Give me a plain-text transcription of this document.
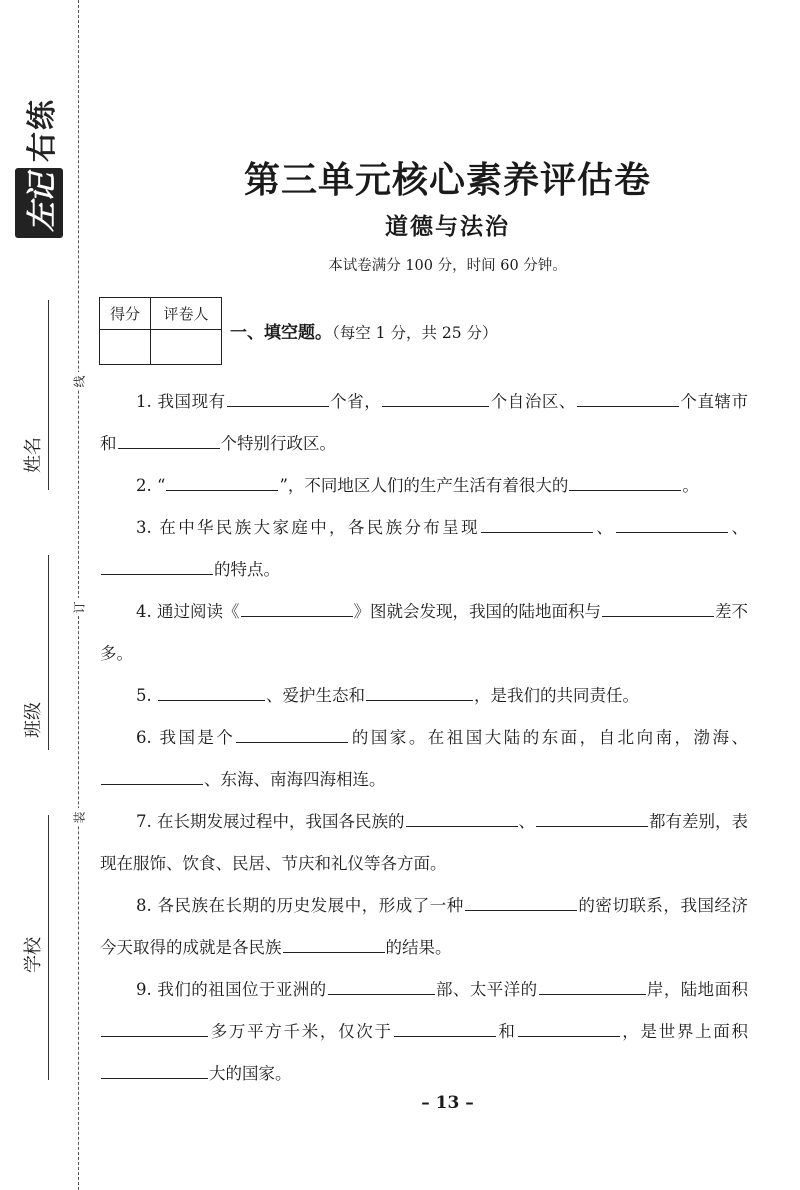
左记
右练
姓名
班级
学校
线
订
装
第三单元核心素养评估卷
道德与法治
本试卷满分 100 分，时间 60 分钟。
得分	评卷人

一、填空题。（每空 1 分，共 25 分）

1. 我国现有	个省，	个自治区、	个直辖市和	个特别行政区。

2. “	”，不同地区人们的生产生活有着很大的	。

3. 在中华民族大家庭中，各民族分布呈现	、	、的特点。

4. 通过阅读《	》图就会发现，我国的陆地面积与	差不多。

5.	、爱护生态和	，是我们的共同责任。

6. 我国是个	的国家。在祖国大陆的东面，自北向南，渤海、、东海、南海四海相连。

7. 在长期发展过程中，我国各民族的	、	都有差别，表现在服饰、饮食、民居、节庆和礼仪等各方面。

8. 各民族在长期的历史发展中，形成了一种	的密切联系，我国经济今天取得的成就是各民族	的结果。

9. 我们的祖国位于亚洲的	部、太平洋的	岸，陆地面积多万平方千米，仅次于	和	，是世界上面积大的国家。

– 13 –
